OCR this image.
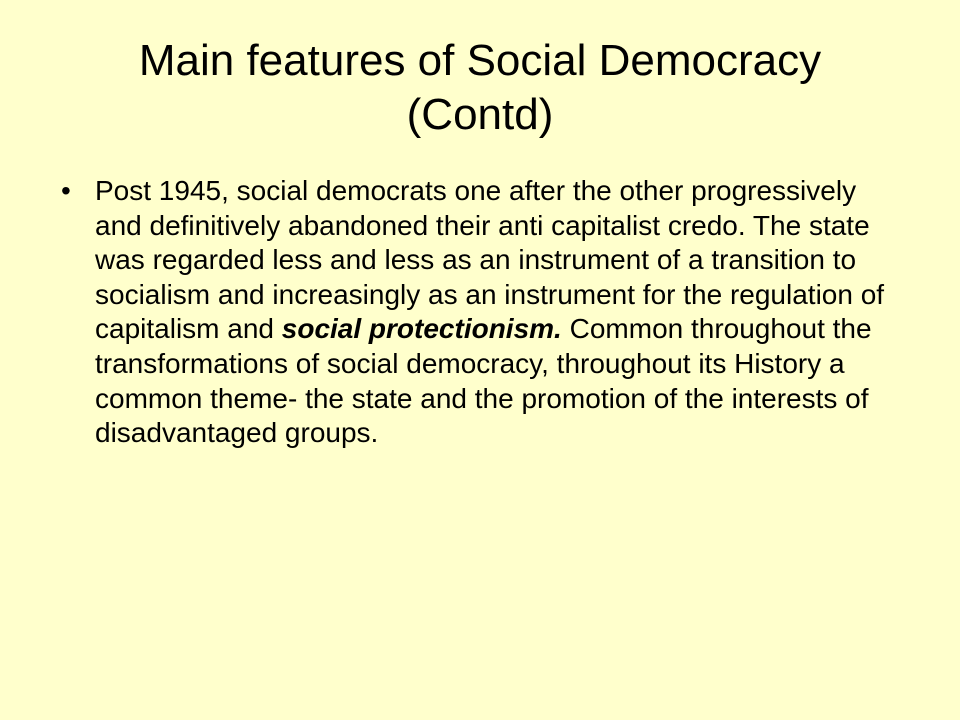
Main features of Social Democracy
(Contd)
• Post 1945, social democrats one after the other progressively and definitively abandoned their anti capitalist credo. The state was regarded less and less as an instrument of a transition to socialism and increasingly as an instrument for the regulation of capitalism and social protectionism. Common throughout the transformations of social democracy, throughout its History a common theme- the state and the promotion of the interests of disadvantaged groups.
